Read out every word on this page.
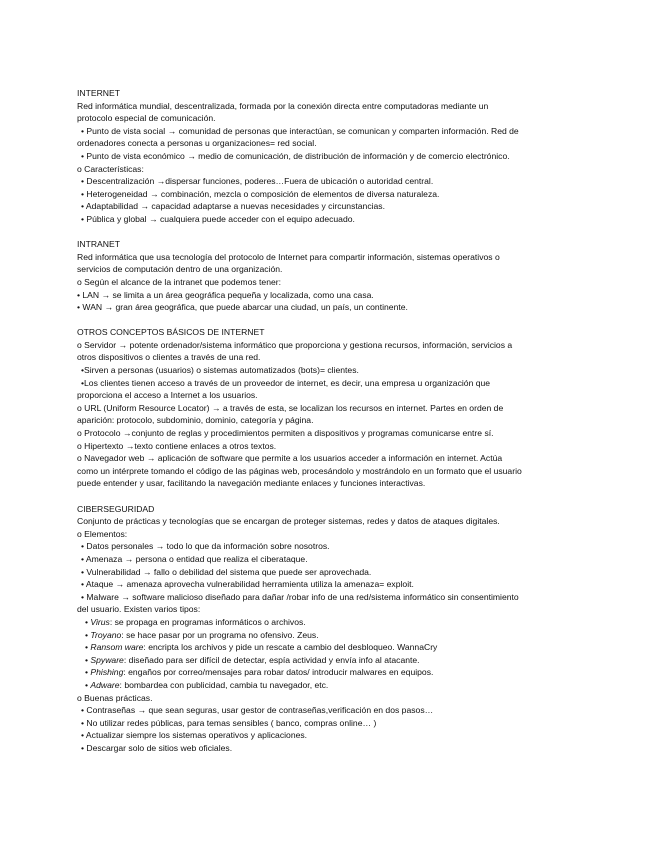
INTERNET
Red informática mundial, descentralizada, formada por la conexión directa entre computadoras mediante un
protocolo especial de comunicación.
• Punto de vista social → comunidad de personas que interactúan, se comunican y comparten información. Red de
ordenadores conecta a personas u organizaciones= red social.
• Punto de vista económico → medio de comunicación, de distribución de información y de comercio electrónico.
o Características:
• Descentralización →dispersar funciones, poderes…Fuera de ubicación o autoridad central.
• Heterogeneidad → combinación, mezcla o composición de elementos de diversa naturaleza.
• Adaptabilidad → capacidad adaptarse a nuevas necesidades y circunstancias.
• Pública y global → cualquiera puede acceder con el equipo adecuado.
INTRANET
Red informática que usa tecnología del protocolo de Internet para compartir información, sistemas operativos o
servicios de computación dentro de una organización.
o Según el alcance de la intranet que podemos tener:
• LAN → se limita a un área geográfica pequeña y localizada, como una casa.
• WAN → gran área geográfica, que puede abarcar una ciudad, un país, un continente.
OTROS CONCEPTOS BÁSICOS DE INTERNET
o Servidor → potente ordenador/sistema informático que proporciona y gestiona recursos, información, servicios a
otros dispositivos o clientes a través de una red.
•Sirven a personas (usuarios) o sistemas automatizados (bots)= clientes.
•Los clientes tienen acceso a través de un proveedor de internet, es decir, una empresa u organización que
proporciona el acceso a Internet a los usuarios.
o URL (Uniform Resource Locator) → a través de esta, se localizan los recursos en internet. Partes en orden de
aparición: protocolo, subdominio, dominio, categoría y página.
o Protocolo →conjunto de reglas y procedimientos permiten a dispositivos y programas comunicarse entre sí.
o Hipertexto →texto contiene enlaces a otros textos.
o Navegador web → aplicación de software que permite a los usuarios acceder a información en internet. Actúa
como un intérprete tomando el código de las páginas web, procesándolo y mostrándolo en un formato que el usuario
puede entender y usar, facilitando la navegación mediante enlaces y funciones interactivas.
CIBERSEGURIDAD
Conjunto de prácticas y tecnologías que se encargan de proteger sistemas, redes y datos de ataques digitales.
o Elementos:
• Datos personales → todo lo que da información sobre nosotros.
• Amenaza → persona o entidad que realiza el ciberataque.
• Vulnerabilidad → fallo o debilidad del sistema que puede ser aprovechada.
• Ataque → amenaza aprovecha vulnerabilidad herramienta utiliza la amenaza= exploit.
• Malware → software malicioso diseñado para dañar /robar info de una red/sistema informático sin consentimiento
del usuario. Existen varios tipos:
• Virus: se propaga en programas informáticos o archivos.
• Troyano: se hace pasar por un programa no ofensivo. Zeus.
• Ransom ware: encripta los archivos y pide un rescate a cambio del desbloqueo. WannaCry
• Spyware: diseñado para ser difícil de detectar, espía actividad y envía info al atacante.
• Phishing: engaños por correo/mensajes para robar datos/ introducir malwares en equipos.
• Adware: bombardea con publicidad, cambia tu navegador, etc.
o Buenas prácticas.
• Contraseñas → que sean seguras, usar gestor de contraseñas,verificación en dos pasos…
• No utilizar redes públicas, para temas sensibles ( banco, compras online… )
• Actualizar siempre los sistemas operativos y aplicaciones.
• Descargar solo de sitios web oficiales.
